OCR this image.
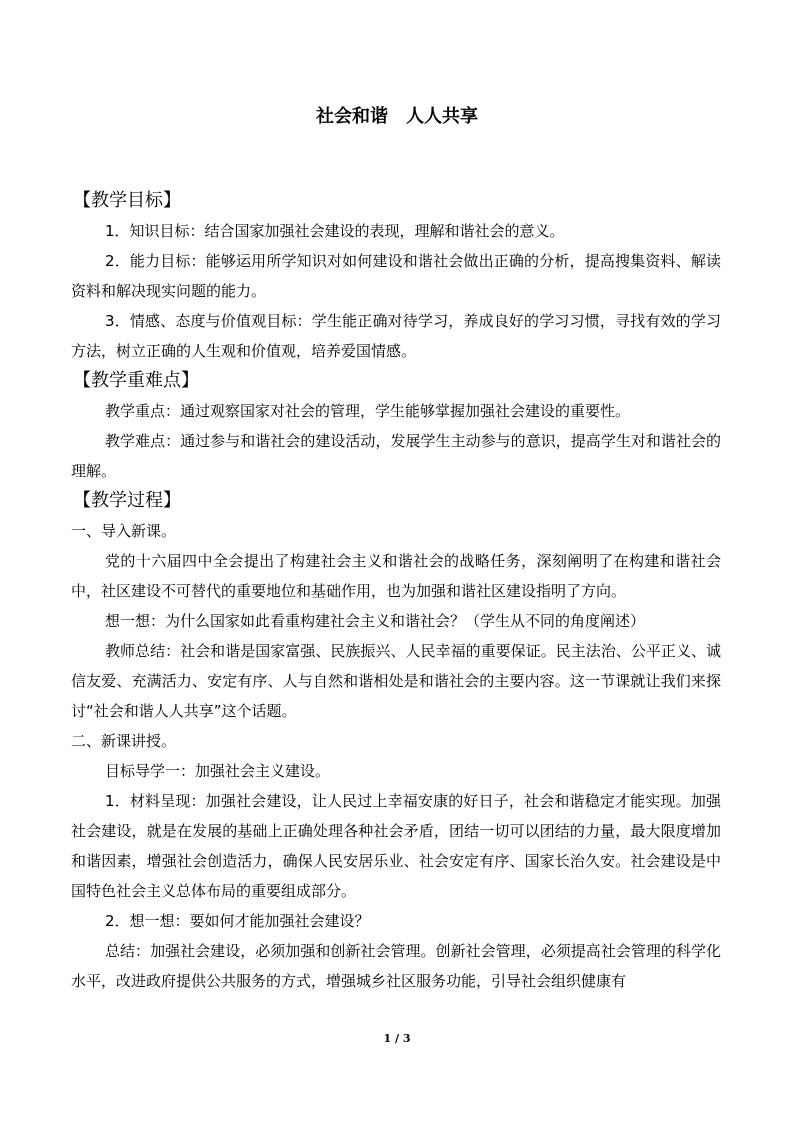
社会和谐　人人共享
【教学目标】

1．知识目标：结合国家加强社会建设的表现，理解和谐社会的意义。

2．能力目标：能够运用所学知识对如何建设和谐社会做出正确的分析，提高搜集资料、解读资料和解决现实问题的能力。

3．情感、态度与价值观目标：学生能正确对待学习，养成良好的学习习惯，寻找有效的学习方法，树立正确的人生观和价值观，培养爱国情感。

【教学重难点】

教学重点：通过观察国家对社会的管理，学生能够掌握加强社会建设的重要性。

教学难点：通过参与和谐社会的建设活动，发展学生主动参与的意识，提高学生对和谐社会的理解。

【教学过程】

一、导入新课。

党的十六届四中全会提出了构建社会主义和谐社会的战略任务，深刻阐明了在构建和谐社会中，社区建设不可替代的重要地位和基础作用，也为加强和谐社区建设指明了方向。

想一想：为什么国家如此看重构建社会主义和谐社会？（学生从不同的角度阐述）

教师总结：社会和谐是国家富强、民族振兴、人民幸福的重要保证。民主法治、公平正义、诚信友爱、充满活力、安定有序、人与自然和谐相处是和谐社会的主要内容。这一节课就让我们来探讨“社会和谐人人共享”这个话题。

二、新课讲授。

目标导学一：加强社会主义建设。

1．材料呈现：加强社会建设，让人民过上幸福安康的好日子，社会和谐稳定才能实现。加强社会建设，就是在发展的基础上正确处理各种社会矛盾，团结一切可以团结的力量，最大限度增加和谐因素，增强社会创造活力，确保人民安居乐业、社会安定有序、国家长治久安。社会建设是中国特色社会主义总体布局的重要组成部分。

2．想一想：要如何才能加强社会建设？

总结：加强社会建设，必须加强和创新社会管理。创新社会管理，必须提高社会管理的科学化水平，改进政府提供公共服务的方式，增强城乡社区服务功能，引导社会组织健康有

1 / 3
